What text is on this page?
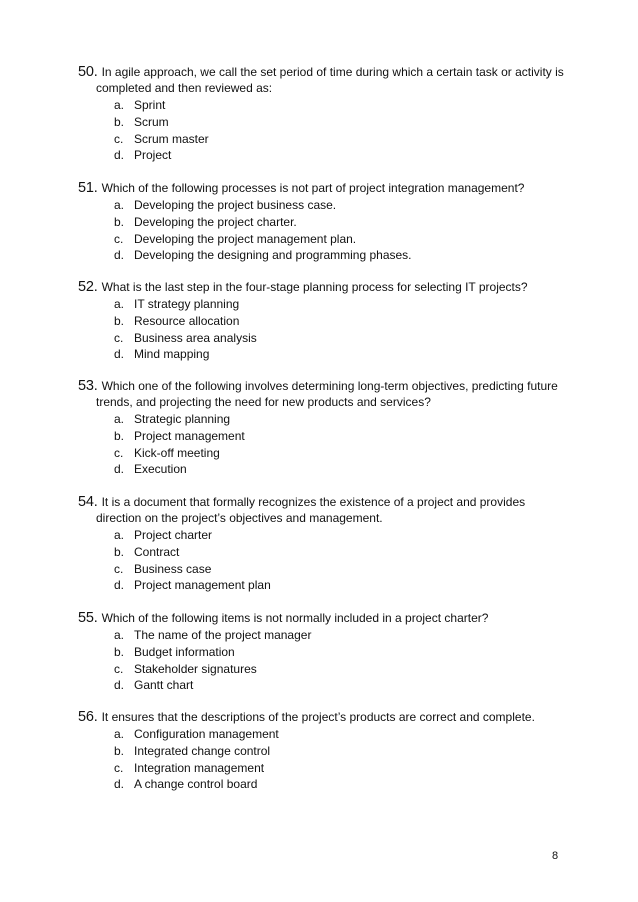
50. In agile approach, we call the set period of time during which a certain task or activity is completed and then reviewed as:

a. Sprint
b. Scrum
c. Scrum master
d. Project

51. Which of the following processes is not part of project integration management?

a. Developing the project business case.
b. Developing the project charter.
c. Developing the project management plan.
d. Developing the designing and programming phases.

52. What is the last step in the four-stage planning process for selecting IT projects?

a. IT strategy planning
b. Resource allocation
c. Business area analysis
d. Mind mapping

53. Which one of the following involves determining long-term objectives, predicting future trends, and projecting the need for new products and services?

a. Strategic planning
b. Project management
c. Kick-off meeting
d. Execution

54. It is a document that formally recognizes the existence of a project and provides direction on the project’s objectives and management.

a. Project charter
b. Contract
c. Business case
d. Project management plan

55. Which of the following items is not normally included in a project charter?

a. The name of the project manager
b. Budget information
c. Stakeholder signatures
d. Gantt chart

56. It ensures that the descriptions of the project’s products are correct and complete.

a. Configuration management
b. Integrated change control
c. Integration management
d. A change control board
8
